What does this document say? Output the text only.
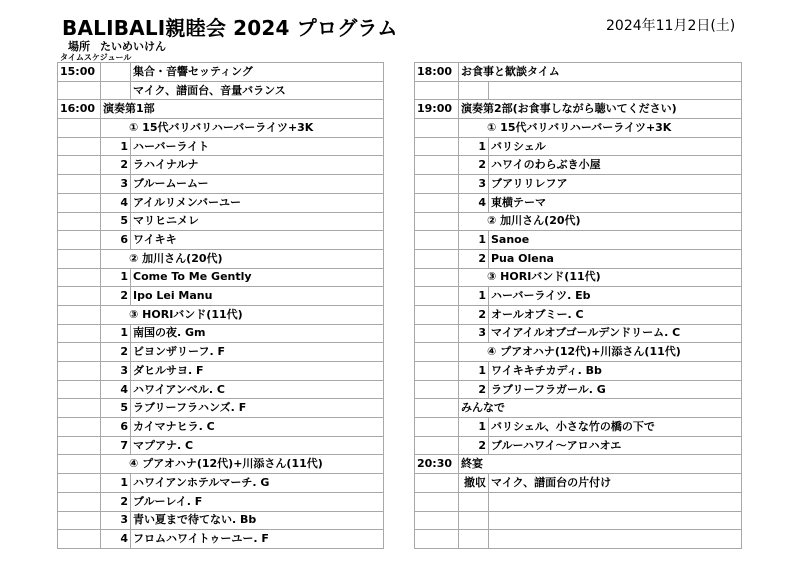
BALIBALI親睦会 2024 プログラム	2024年11月2日(土)
場所 たいめいけん
タイムスケジュール
15:00		集合・音響セッティング
		マイク、譜面台、音量バランス
16:00	演奏第1部	
	① 15代バリバリハーバーライツ+3K	
	1	ハーバーライト
	2	ラハイナルナ
	3	ブルームームー
	4	アイルリメンバーユー
	5	マリヒニメレ
	6	ワイキキ
	② 加川さん(20代)	
	1	Come To Me Gently
	2	Ipo Lei Manu
	③ HORIバンド(11代)	
	1	南国の夜. Gm
	2	ビヨンザリーフ. F
	3	ダヒルサヨ. F
	4	ハワイアンベル. C
	5	ラブリーフラハンズ. F
	6	カイマナヒラ. C
	7	マプアナ. C
	④ プアオハナ(12代)+川添さん(11代)	
	1	ハワイアンホテルマーチ. G
	2	ブルーレイ. F
	3	青い夏まで待てない. Bb
	4	フロムハワイトゥーユー. F
18:00	お食事と歓談タイム	

19:00	演奏第2部(お食事しながら聴いてください)	
	① 15代バリバリハーバーライツ+3K	
	1	バリシェル
	2	ハワイのわらぶき小屋
	3	ブアリリレフア
	4	東横テーマ
	② 加川さん(20代)	
	1	Sanoe
	2	Pua Olena
	③ HORIバンド(11代)	
	1	ハーバーライツ. Eb
	2	オールオブミー. C
	3	マイアイルオブゴールデンドリーム. C
	④ プアオハナ(12代)+川添さん(11代)	
	1	ワイキキチカディ. Bb
	2	ラブリーフラガール. G
	みんなで	
	1	バリシェル、小さな竹の橋の下で
	2	ブルーハワイ～アロハオエ
20:30	終宴	
	撤収	マイク、譜面台の片付け
